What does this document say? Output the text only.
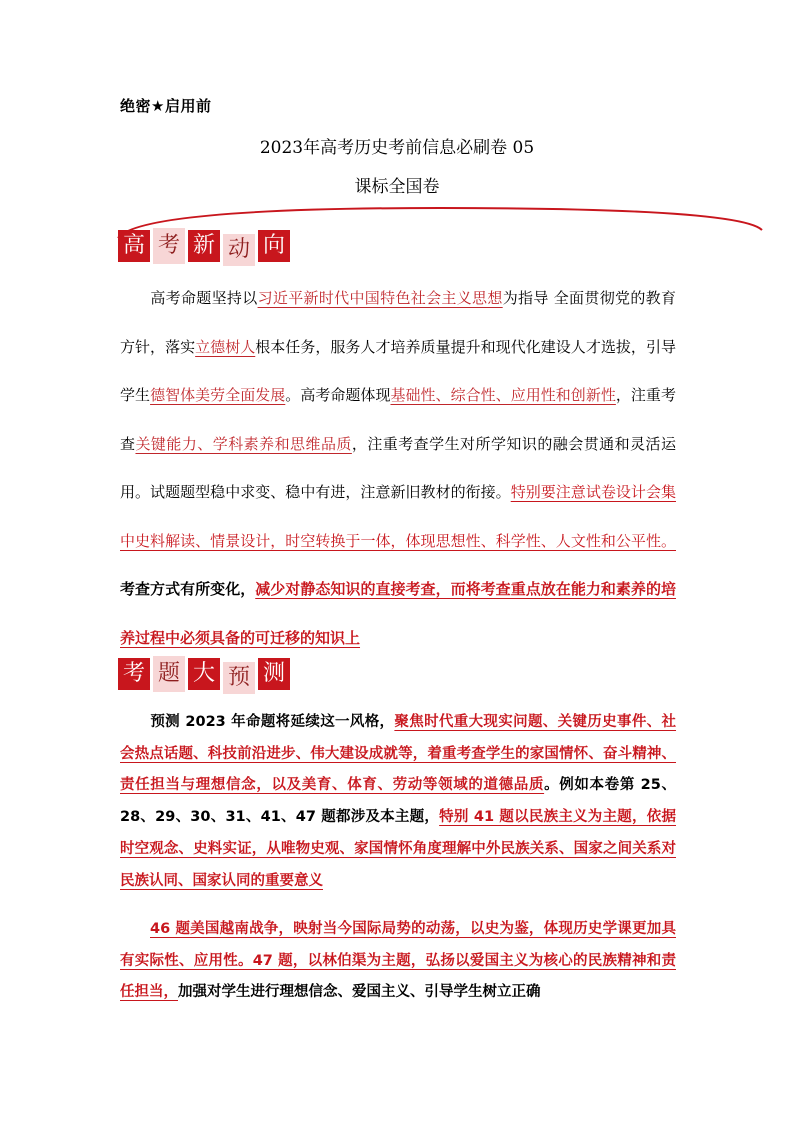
绝密★启用前
2023年高考历史考前信息必刷卷 05
课标全国卷
高 考 新 动 向
高考命题坚持以习近平新时代中国特色社会主义思想为指导 全面贯彻党的教育方针，落实立德树人根本任务，服务人才培养质量提升和现代化建设人才选拔，引导学生德智体美劳全面发展。高考命题体现基础性、综合性、应用性和创新性，注重考查关键能力、学科素养和思维品质，注重考查学生对所学知识的融会贯通和灵活运用。试题题型稳中求变、稳中有进，注意新旧教材的衔接。特别要注意试卷设计会集中史料解读、情景设计，时空转换于一体，体现思想性、科学性、人文性和公平性。考查方式有所变化，减少对静态知识的直接考查，而将考查重点放在能力和素养的培养过程中必须具备的可迁移的知识上
考 题 大 预 测
预测 2023 年命题将延续这一风格，聚焦时代重大现实问题、关键历史事件、社会热点话题、科技前沿进步、伟大建设成就等，着重考查学生的家国情怀、奋斗精神、责任担当与理想信念，以及美育、体育、劳动等领域的道德品质。例如本卷第 25、28、29、30、31、41、47 题都涉及本主题，特别 41 题以民族主义为主题，依据时空观念、史料实证，从唯物史观、家国情怀角度理解中外民族关系、国家之间关系对民族认同、国家认同的重要意义
46 题美国越南战争，映射当今国际局势的动荡，以史为鉴，体现历史学课更加具有实际性、应用性。47 题，以林伯渠为主题，弘扬以爱国主义为核心的民族精神和责任担当，加强对学生进行理想信念、爱国主义、引导学生树立正确
